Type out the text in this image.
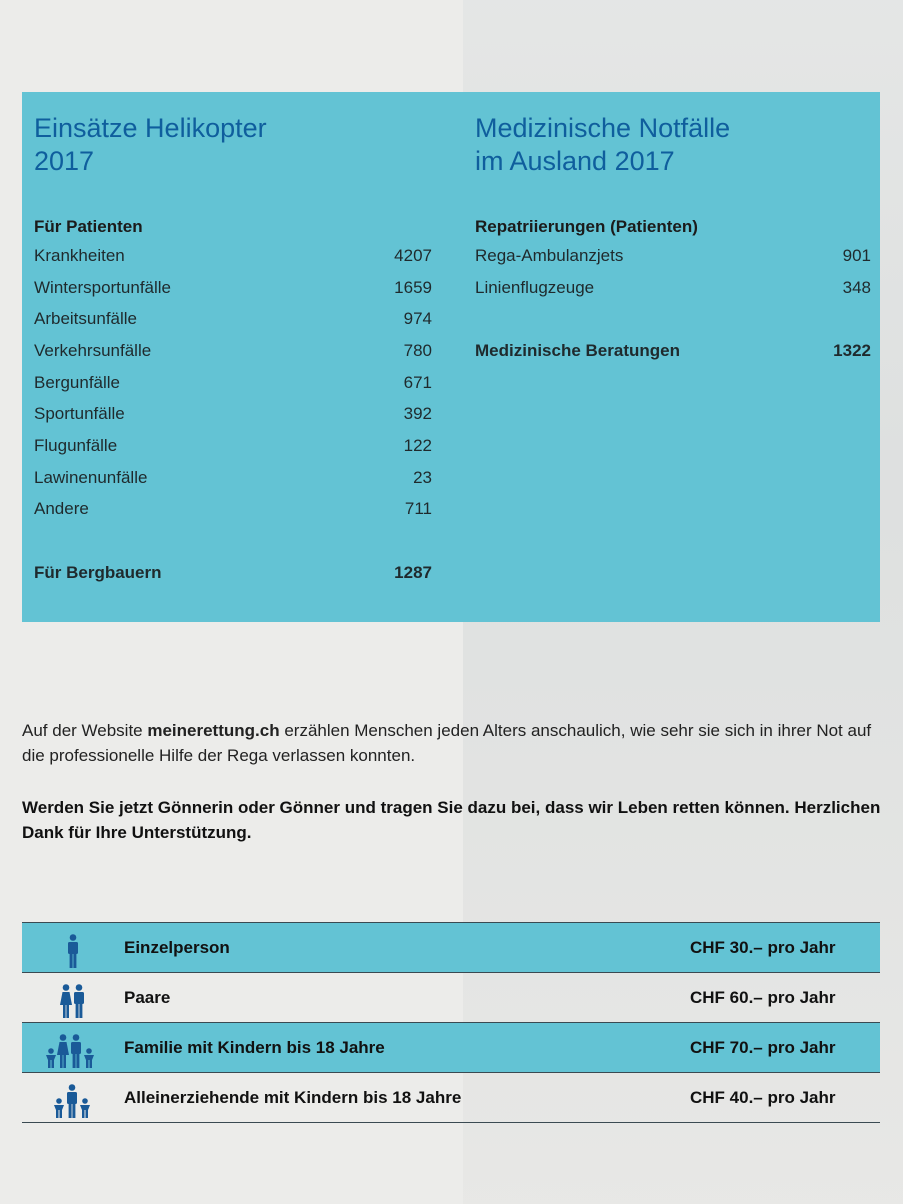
Einsätze Helikopter
2017
Für Patienten
Krankheiten	4207
Wintersportunfälle	1659
Arbeitsunfälle	974
Verkehrsunfälle	780
Bergunfälle	671
Sportunfälle	392
Flugunfälle	122
Lawinenunfälle	23
Andere	711
Für Bergbauern	1287
Medizinische Notfälle
im Ausland 2017
Repatriierungen (Patienten)
Rega-Ambulanzjets	901
Linienflugzeuge	348
Medizinische Beratungen	1322

Auf der Website meinerettung.ch erzählen Menschen jeden Alters anschaulich, wie sehr sie sich in ihrer Not auf die professionelle Hilfe der Rega verlassen konnten.

Werden Sie jetzt Gönnerin oder Gönner und tragen Sie dazu bei, dass wir Leben retten können. Herzlichen Dank für Ihre Unterstützung.

Einzelperson	CHF 30.– pro Jahr
Paare	CHF 60.– pro Jahr
Familie mit Kindern bis 18 Jahre	CHF 70.– pro Jahr
Alleinerziehende mit Kindern bis 18 Jahre	CHF 40.– pro Jahr
